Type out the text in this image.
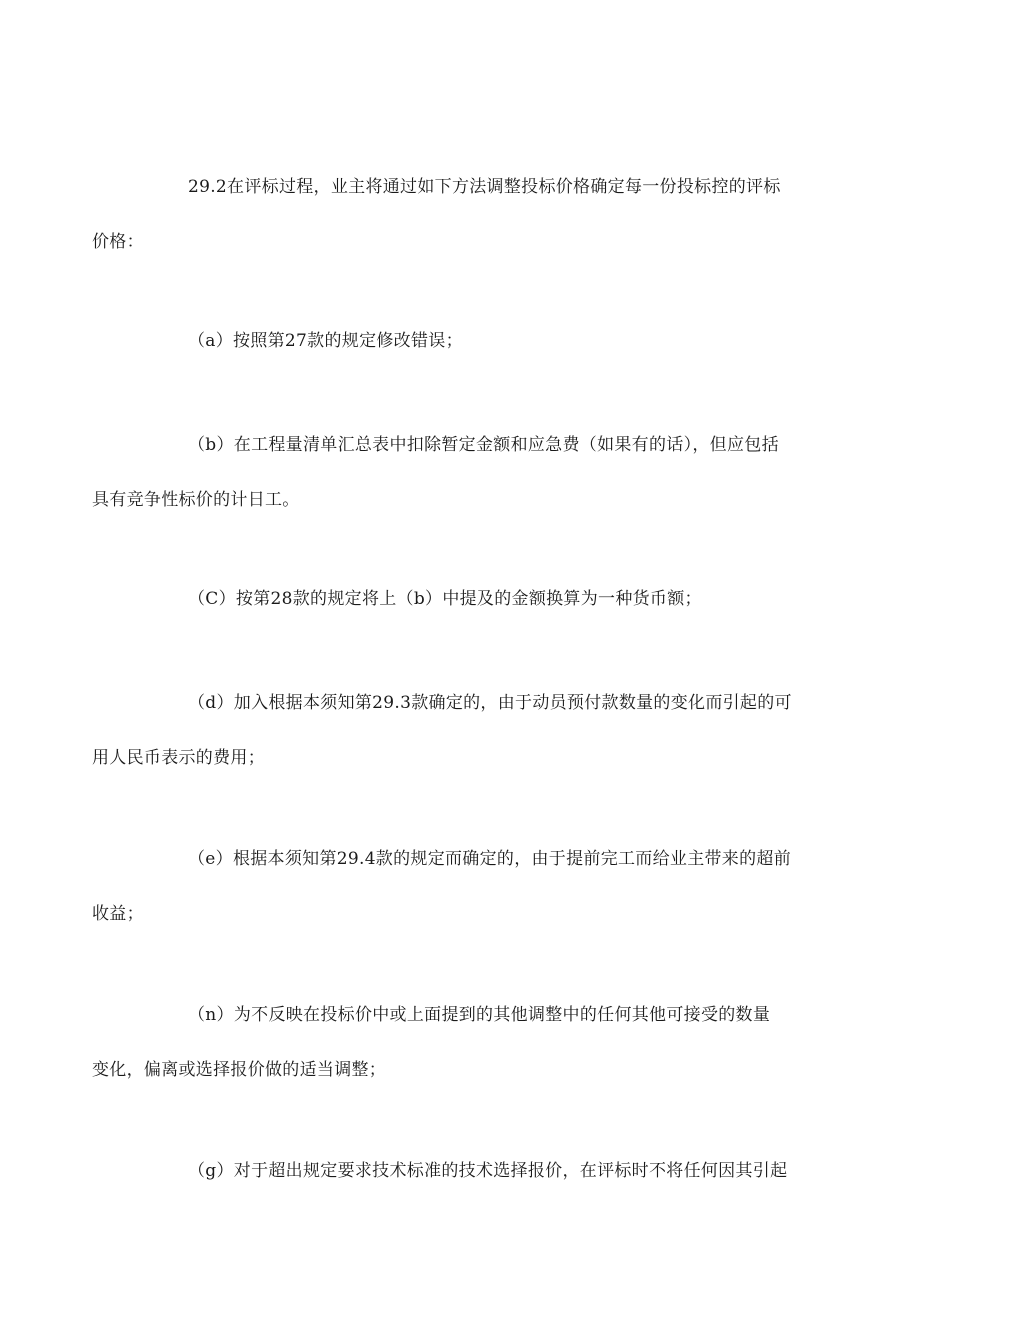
29.2在评标过程，业主将通过如下方法调整投标价格确定每一份投标控的评标
价格：

（a）按照第27款的规定修改错误；

（b）在工程量清单汇总表中扣除暂定金额和应急费（如果有的话），但应包括
具有竞争性标价的计日工。

（C）按第28款的规定将上（b）中提及的金额换算为一种货币额；

（d）加入根据本须知第29.3款确定的，由于动员预付款数量的变化而引起的可
用人民币表示的费用；

（e）根据本须知第29.4款的规定而确定的，由于提前完工而给业主带来的超前
收益；

（n）为不反映在投标价中或上面提到的其他调整中的任何其他可接受的数量
变化，偏离或选择报价做的适当调整；

（g）对于超出规定要求技术标准的技术选择报价，在评标时不将任何因其引起
